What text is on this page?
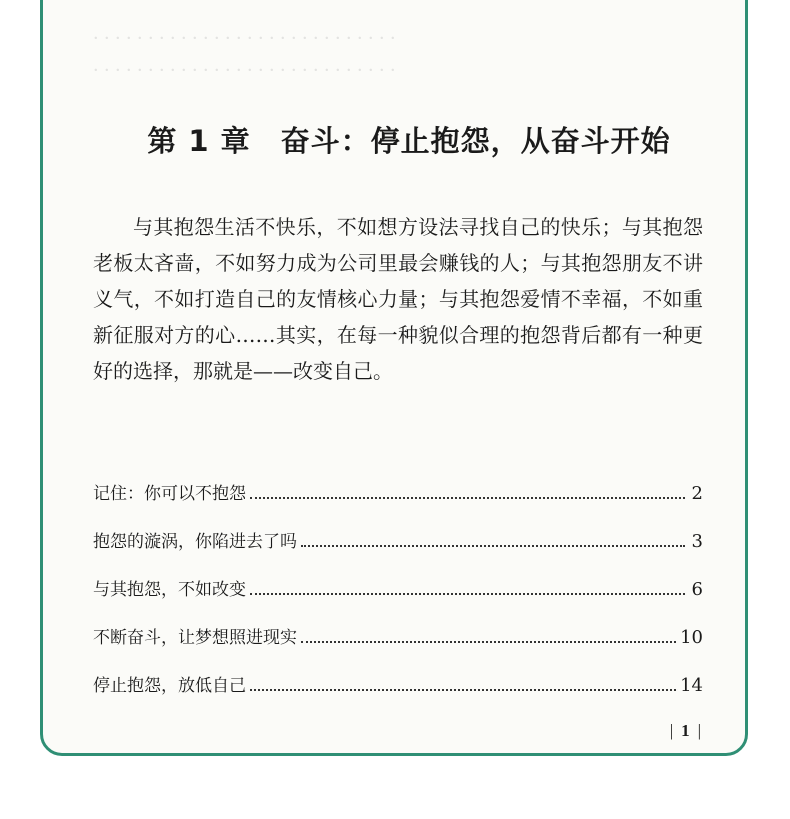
．．．．．．．．．．．．．．．．．．．．．．．．．．．．
．．．．．．．．．．．．．．．．．．．．．．．．．．．．
第 1 章　奋斗：停止抱怨，从奋斗开始

与其抱怨生活不快乐，不如想方设法寻找自己的快乐；与其抱怨老板太吝啬，不如努力成为公司里最会赚钱的人；与其抱怨朋友不讲义气，不如打造自己的友情核心力量；与其抱怨爱情不幸福，不如重新征服对方的心……其实，在每一种貌似合理的抱怨背后都有一种更好的选择，那就是——改变自己。

记住：你可以不抱怨	2
抱怨的漩涡，你陷进去了吗	3
与其抱怨，不如改变	6
不断奋斗，让梦想照进现实	10
停止抱怨，放低自己	14
| 1 |
